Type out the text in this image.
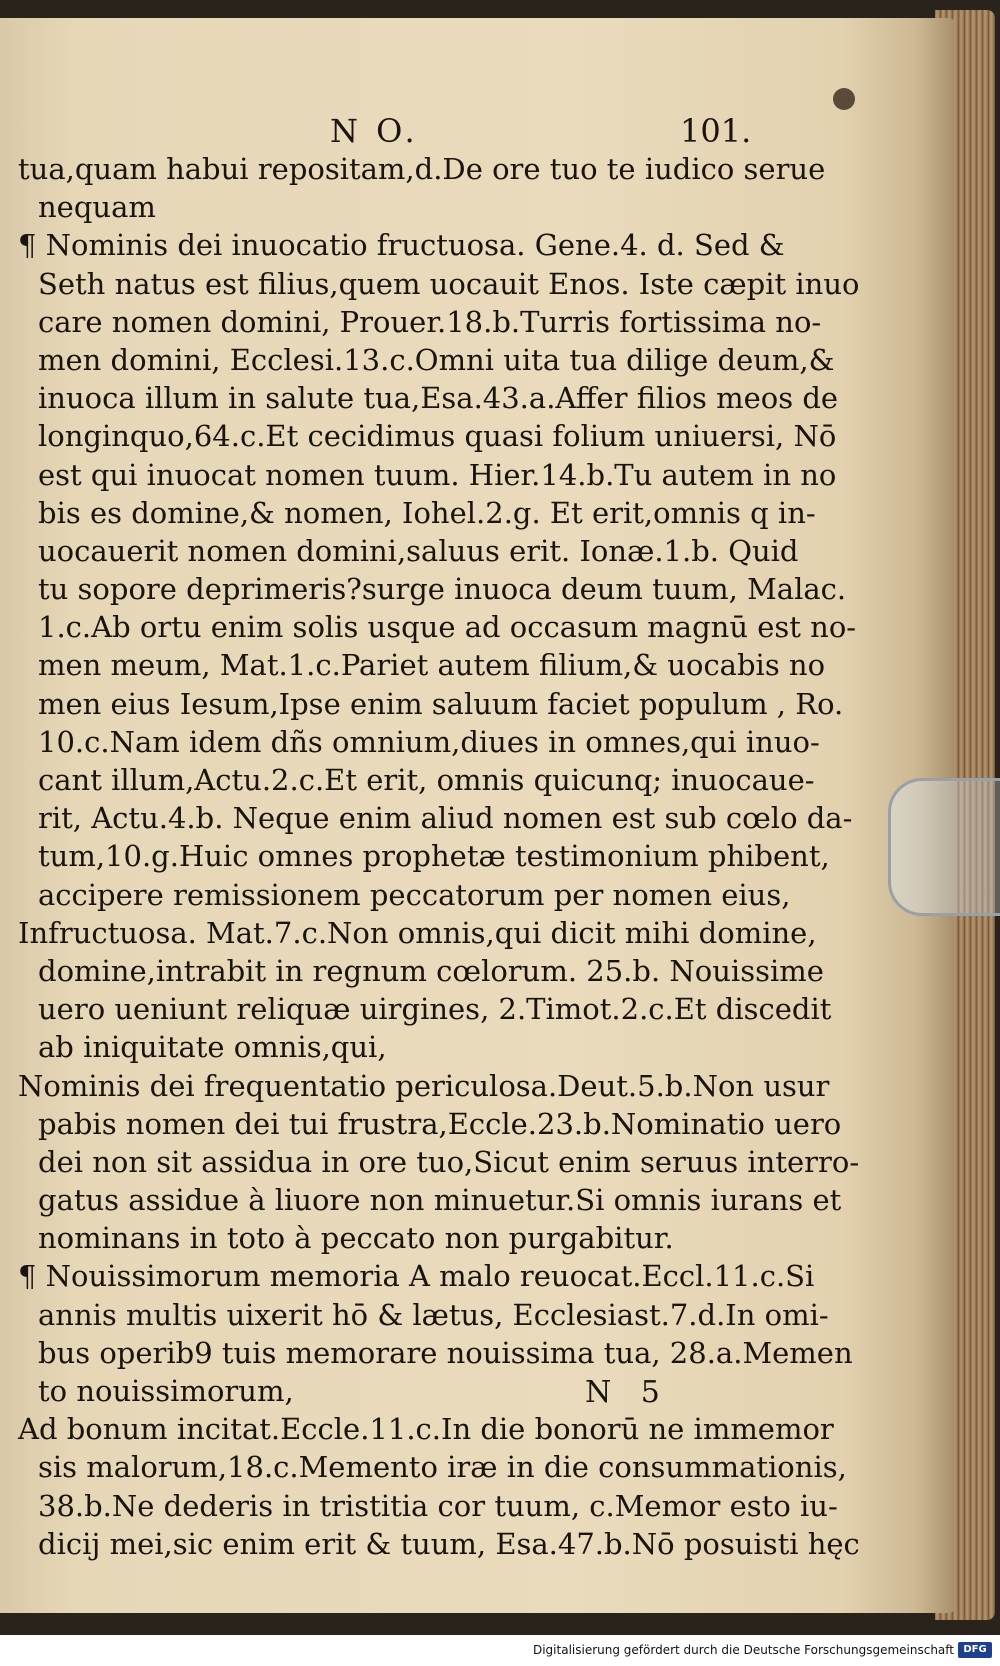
N O.	101.
tua,quam habui repositam,d.De ore tuo te iudico serue
nequam
¶ Nominis dei inuocatio fructuosa. Gene.4. d. Sed &
Seth natus est filius,quem uocauit Enos. Iste cæpit inuo
care nomen domini, Prouer.18.b.Turris fortissima no-
men domini, Ecclesi.13.c.Omni uita tua dilige deum,&
inuoca illum in salute tua,Esa.43.a.Affer filios meos de
longinquo,64.c.Et cecidimus quasi folium uniuersi, Nō
est qui inuocat nomen tuum. Hier.14.b.Tu autem in no
bis es domine,& nomen, Iohel.2.g. Et erit,omnis q in-
uocauerit nomen domini,saluus erit. Ionæ.1.b. Quid
tu sopore deprimeris?surge inuoca deum tuum, Malac.
1.c.Ab ortu enim solis usque ad occasum magnū est no-
men meum, Mat.1.c.Pariet autem filium,& uocabis no
men eius Iesum,Ipse enim saluum faciet populum , Ro.
10.c.Nam idem dñs omnium,diues in omnes,qui inuo-
cant illum,Actu.2.c.Et erit, omnis quicunq; inuocaue-
rit, Actu.4.b. Neque enim aliud nomen est sub cœlo da-
tum,10.g.Huic omnes prophetæ testimonium phibent,
accipere remissionem peccatorum per nomen eius,
Infructuosa. Mat.7.c.Non omnis,qui dicit mihi domine,
domine,intrabit in regnum cœlorum. 25.b. Nouissime
uero ueniunt reliquæ uirgines, 2.Timot.2.c.Et discedit
ab iniquitate omnis,qui,
Nominis dei frequentatio periculosa.Deut.5.b.Non usur
pabis nomen dei tui frustra,Eccle.23.b.Nominatio uero
dei non sit assidua in ore tuo,Sicut enim seruus interro-
gatus assidue à liuore non minuetur.Si omnis iurans et
nominans in toto à peccato non purgabitur.
¶ Nouissimorum memoria A malo reuocat.Eccl.11.c.Si
annis multis uixerit hō & lætus, Ecclesiast.7.d.In omi-
bus operib9 tuis memorare nouissima tua, 28.a.Memen
to nouissimorum,
Ad bonum incitat.Eccle.11.c.In die bonorū ne immemor
sis malorum,18.c.Memento iræ in die consummationis,
38.b.Ne dederis in tristitia cor tuum, c.Memor esto iu-
dicij mei,sic enim erit & tuum, Esa.47.b.Nō posuisti hęc
N 5
Digitalisierung gefördert durch die Deutsche Forschungsgemeinschaft DFG
